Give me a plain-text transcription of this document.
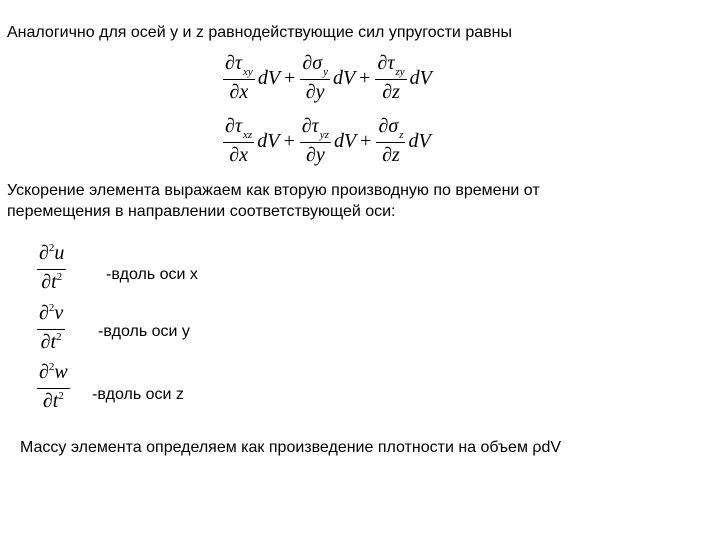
Аналогично для осей y и z равнодействующие сил упругости равны
$\frac{\partial\tau_{xy}}{\partial x}$ dV + $\frac{\partial\sigma_y}{\partial y}$ dV + $\frac{\partial\tau_{zy}}{\partial z}$ dV
$\frac{\partial\tau_{xz}}{\partial x}$ dV + $\frac{\partial\tau_{yz}}{\partial y}$ dV + $\frac{\partial\sigma_z}{\partial z}$ dV
Ускорение элемента выражаем как вторую производную по времени от
перемещения в направлении соответствующей оси:
$\frac{\partial^2u}{\partial t^2}$ -вдоль оси x
$\frac{\partial^2v}{\partial t^2}$ -вдоль оси y
$\frac{\partial^2w}{\partial t^2}$ -вдоль оси z
Массу элемента определяем как произведение плотности на объем ρdV
